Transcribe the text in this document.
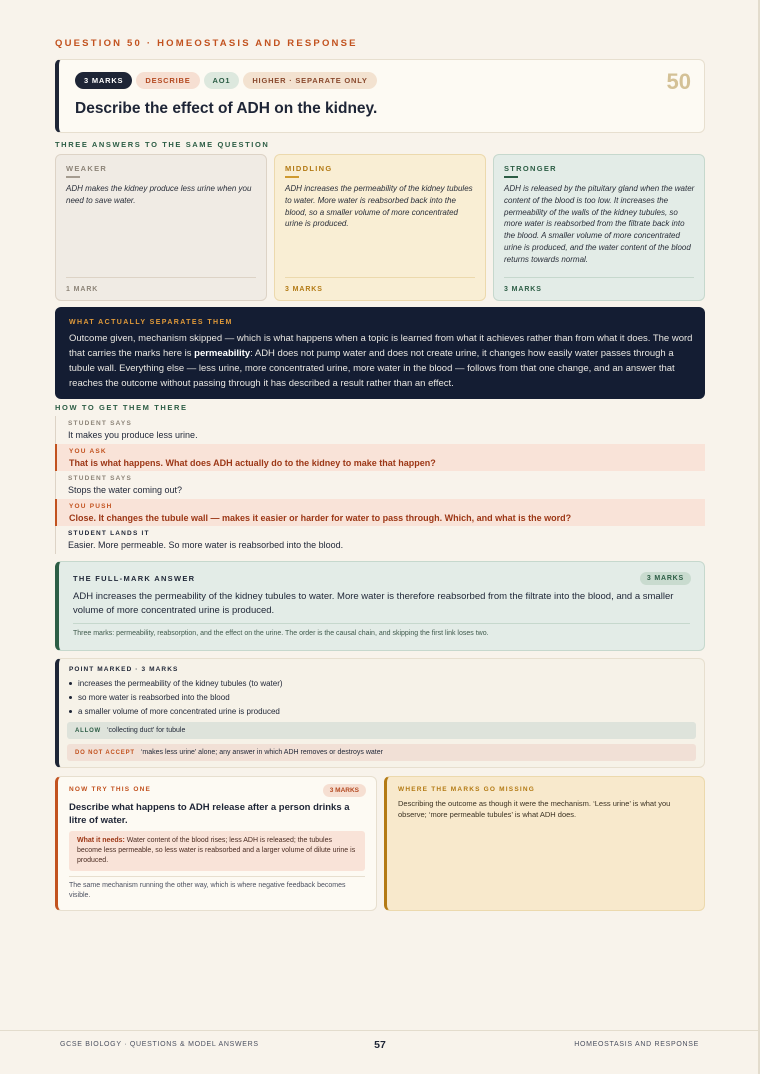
QUESTION 50 · HOMEOSTASIS AND RESPONSE
3 MARKS	DESCRIBE	AO1	HIGHER · SEPARATE ONLY	50
Describe the effect of ADH on the kidney.
THREE ANSWERS TO THE SAME QUESTION
WEAKER
ADH makes the kidney produce less urine when you need to save water.
1 MARK
MIDDLING
ADH increases the permeability of the kidney tubules to water. More water is reabsorbed back into the blood, so a smaller volume of more concentrated urine is produced.
3 MARKS
STRONGER
ADH is released by the pituitary gland when the water content of the blood is too low. It increases the permeability of the walls of the kidney tubules, so more water is reabsorbed from the filtrate back into the blood. A smaller volume of more concentrated urine is produced, and the water content of the blood returns towards normal.
3 MARKS
WHAT ACTUALLY SEPARATES THEM
Outcome given, mechanism skipped — which is what happens when a topic is learned from what it achieves rather than from what it does. The word that carries the marks here is permeability: ADH does not pump water and does not create urine, it changes how easily water passes through a tubule wall. Everything else — less urine, more concentrated urine, more water in the blood — follows from that one change, and an answer that reaches the outcome without passing through it has described a result rather than an effect.
HOW TO GET THEM THERE
STUDENT SAYS
It makes you produce less urine.
YOU ASK
That is what happens. What does ADH actually do to the kidney to make that happen?
STUDENT SAYS
Stops the water coming out?
YOU PUSH
Close. It changes the tubule wall — makes it easier or harder for water to pass through. Which, and what is the word?
STUDENT LANDS IT
Easier. More permeable. So more water is reabsorbed into the blood.
THE FULL-MARK ANSWER	3 MARKS
ADH increases the permeability of the kidney tubules to water. More water is therefore reabsorbed from the filtrate into the blood, and a smaller volume of more concentrated urine is produced.
Three marks: permeability, reabsorption, and the effect on the urine. The order is the causal chain, and skipping the first link loses two.
POINT MARKED · 3 MARKS
increases the permeability of the kidney tubules (to water)
so more water is reabsorbed into the blood
a smaller volume of more concentrated urine is produced
ALLOW ‘collecting duct’ for tubule
DO NOT ACCEPT ‘makes less urine’ alone; any answer in which ADH removes or destroys water
NOW TRY THIS ONE	3 MARKS
Describe what happens to ADH release after a person drinks a litre of water.
What it needs: Water content of the blood rises; less ADH is released; the tubules become less permeable, so less water is reabsorbed and a larger volume of dilute urine is produced.
The same mechanism running the other way, which is where negative feedback becomes visible.
WHERE THE MARKS GO MISSING
Describing the outcome as though it were the mechanism. ‘Less urine’ is what you observe; ‘more permeable tubules’ is what ADH does.
GCSE BIOLOGY · QUESTIONS & MODEL ANSWERS	57	HOMEOSTASIS AND RESPONSE
